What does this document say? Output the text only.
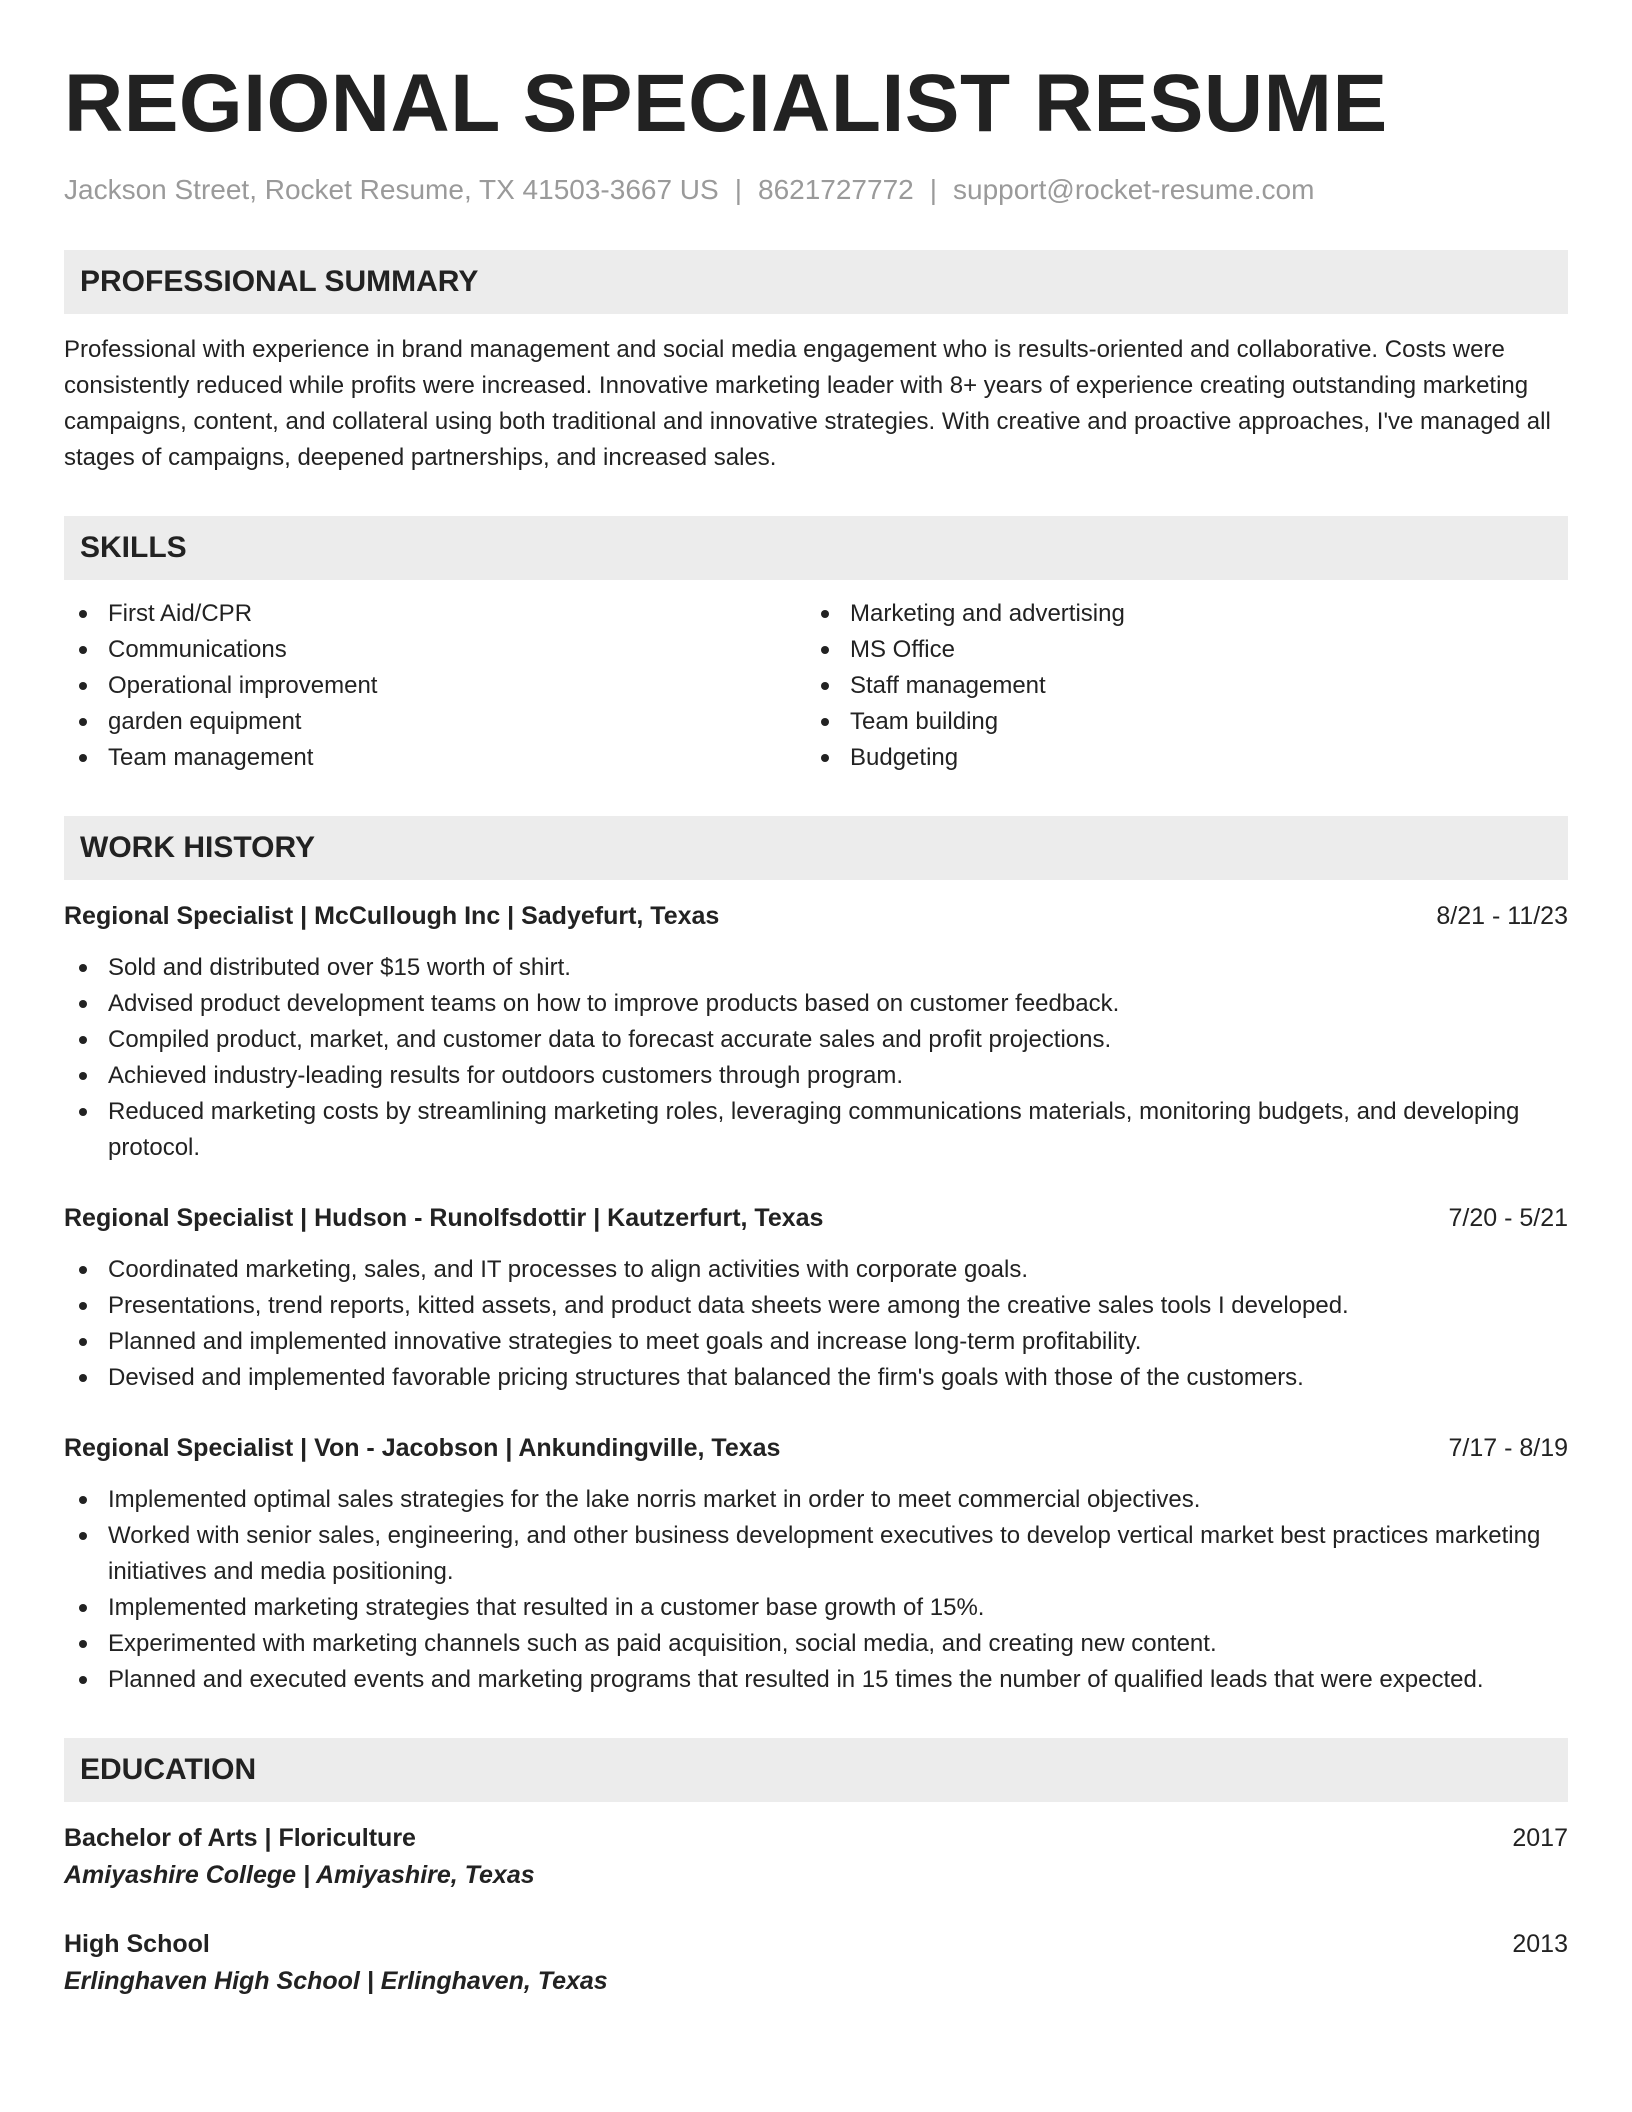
REGIONAL SPECIALIST RESUME
Jackson Street, Rocket Resume, TX 41503-3667 US | 8621727772 | support@rocket-resume.com
PROFESSIONAL SUMMARY
Professional with experience in brand management and social media engagement who is results-oriented and collaborative. Costs were consistently reduced while profits were increased. Innovative marketing leader with 8+ years of experience creating outstanding marketing campaigns, content, and collateral using both traditional and innovative strategies. With creative and proactive approaches, I've managed all stages of campaigns, deepened partnerships, and increased sales.
SKILLS
First Aid/CPR
Communications
Operational improvement
garden equipment
Team management
Marketing and advertising
MS Office
Staff management
Team building
Budgeting
WORK HISTORY
Regional Specialist | McCullough Inc | Sadyefurt, Texas	8/21 - 11/23
Sold and distributed over $15 worth of shirt.
Advised product development teams on how to improve products based on customer feedback.
Compiled product, market, and customer data to forecast accurate sales and profit projections.
Achieved industry-leading results for outdoors customers through program.
Reduced marketing costs by streamlining marketing roles, leveraging communications materials, monitoring budgets, and developing protocol.
Regional Specialist | Hudson - Runolfsdottir | Kautzerfurt, Texas	7/20 - 5/21
Coordinated marketing, sales, and IT processes to align activities with corporate goals.
Presentations, trend reports, kitted assets, and product data sheets were among the creative sales tools I developed.
Planned and implemented innovative strategies to meet goals and increase long-term profitability.
Devised and implemented favorable pricing structures that balanced the firm's goals with those of the customers.
Regional Specialist | Von - Jacobson | Ankundingville, Texas	7/17 - 8/19
Implemented optimal sales strategies for the lake norris market in order to meet commercial objectives.
Worked with senior sales, engineering, and other business development executives to develop vertical market best practices marketing initiatives and media positioning.
Implemented marketing strategies that resulted in a customer base growth of 15%.
Experimented with marketing channels such as paid acquisition, social media, and creating new content.
Planned and executed events and marketing programs that resulted in 15 times the number of qualified leads that were expected.
EDUCATION
Bachelor of Arts | Floriculture	2017
Amiyashire College | Amiyashire, Texas
High School	2013
Erlinghaven High School | Erlinghaven, Texas
